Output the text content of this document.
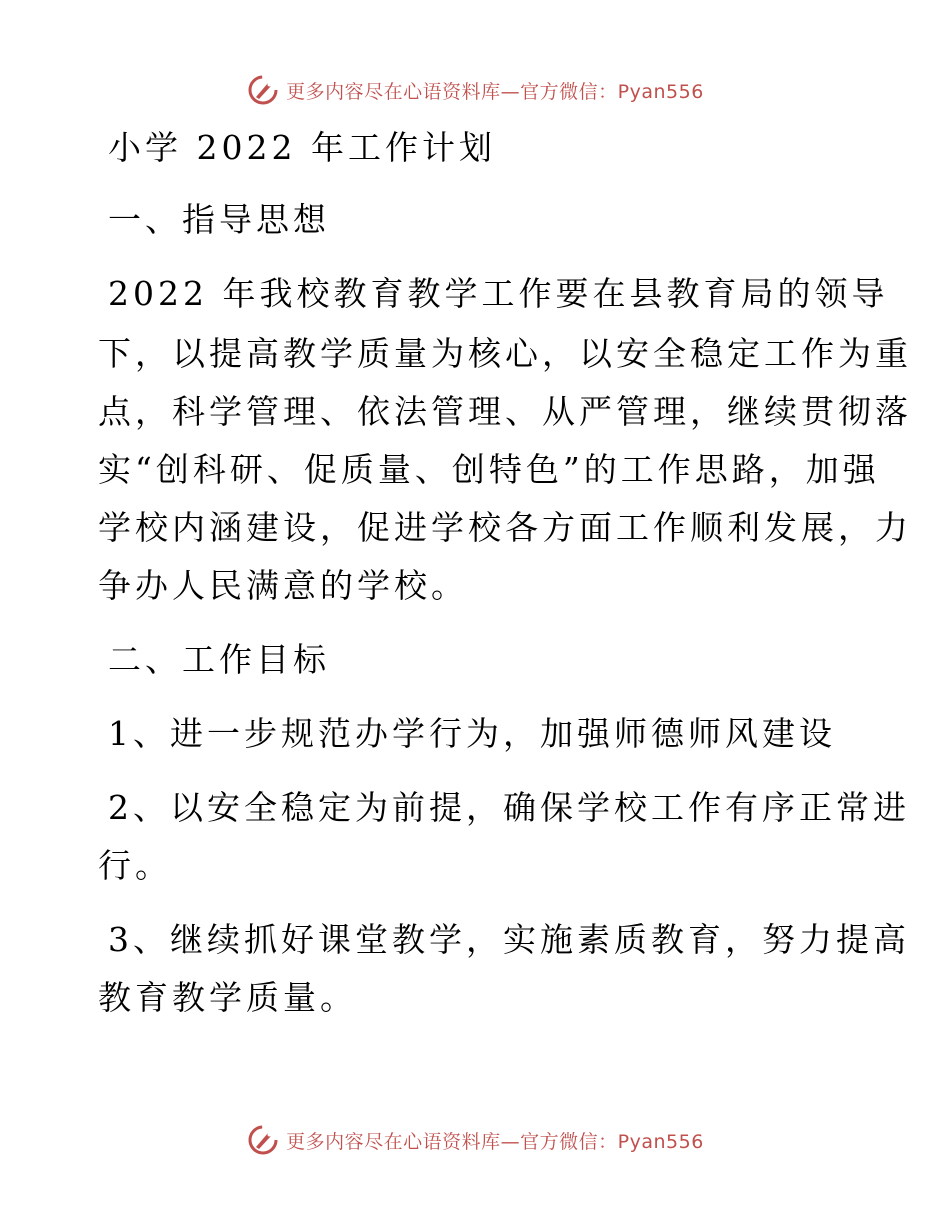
更多内容尽在心语资料库—官方微信：Pyan556
小学 2022 年工作计划
一、指导思想
2022 年我校教育教学工作要在县教育局的领导
下，以提高教学质量为核心，以安全稳定工作为重
点，科学管理、依法管理、从严管理，继续贯彻落
实“创科研、促质量、创特色”的工作思路，加强
学校内涵建设，促进学校各方面工作顺利发展，力
争办人民满意的学校。
二、工作目标
1、进一步规范办学行为，加强师德师风建设
2、以安全稳定为前提，确保学校工作有序正常进
行。
3、继续抓好课堂教学，实施素质教育，努力提高
教育教学质量。
更多内容尽在心语资料库—官方微信：Pyan556
